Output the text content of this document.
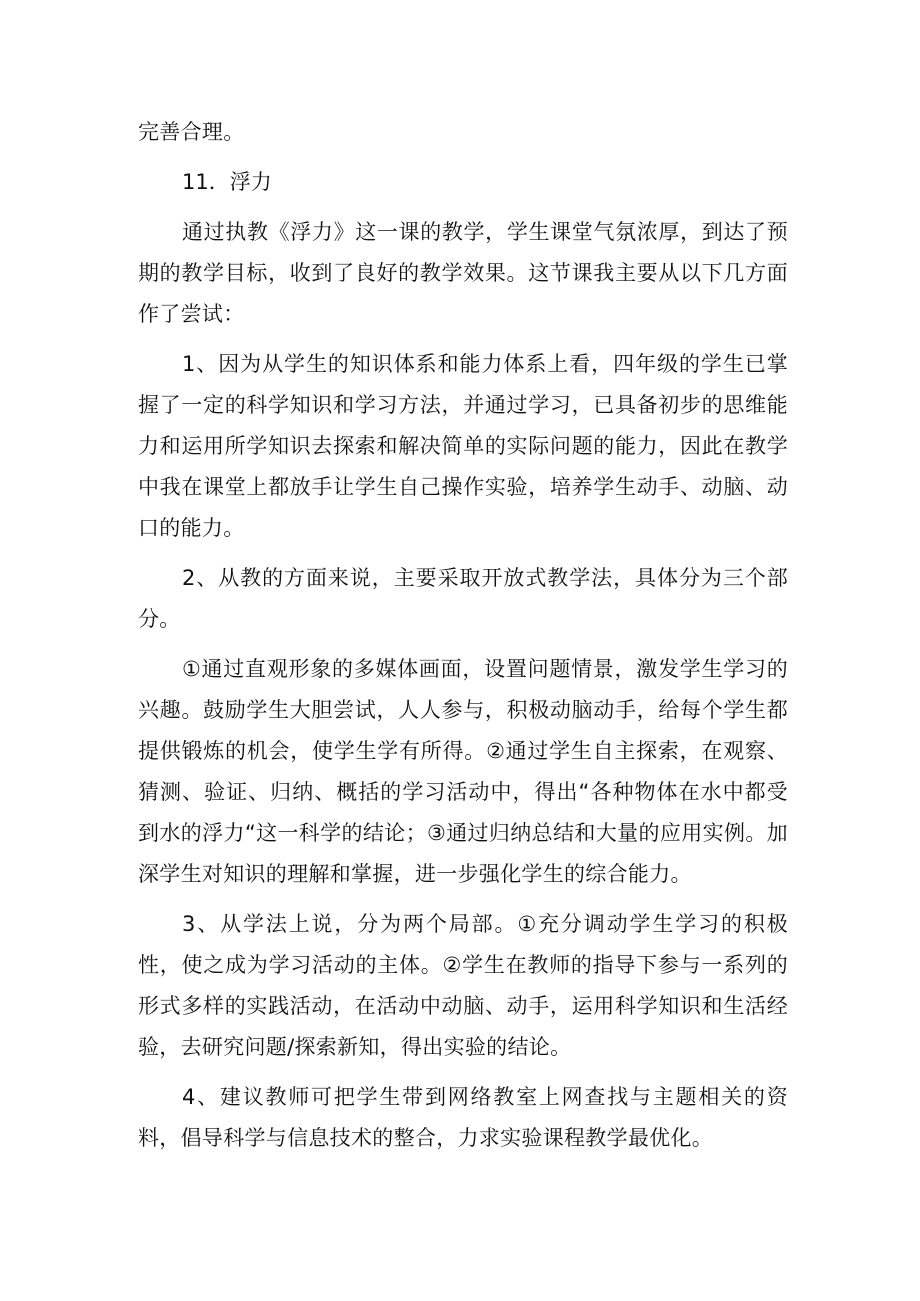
完善合理。

11．浮力

通过执教《浮力》这一课的教学，学生课堂气氛浓厚，到达了预期的教学目标，收到了良好的教学效果。这节课我主要从以下几方面作了尝试：

1、因为从学生的知识体系和能力体系上看，四年级的学生已掌握了一定的科学知识和学习方法，并通过学习，已具备初步的思维能力和运用所学知识去探索和解决简单的实际问题的能力，因此在教学中我在课堂上都放手让学生自己操作实验，培养学生动手、动脑、动口的能力。

2、从教的方面来说，主要采取开放式教学法，具体分为三个部分。

①通过直观形象的多媒体画面，设置问题情景，激发学生学习的兴趣。鼓励学生大胆尝试，人人参与，积极动脑动手，给每个学生都提供锻炼的机会，使学生学有所得。②通过学生自主探索，在观察、猜测、验证、归纳、概括的学习活动中，得出“各种物体在水中都受到水的浮力“这一科学的结论；③通过归纳总结和大量的应用实例。加深学生对知识的理解和掌握，进一步强化学生的综合能力。

3、从学法上说，分为两个局部。①充分调动学生学习的积极性，使之成为学习活动的主体。②学生在教师的指导下参与一系列的形式多样的实践活动，在活动中动脑、动手，运用科学知识和生活经验，去研究问题/探索新知，得出实验的结论。

4、建议教师可把学生带到网络教室上网查找与主题相关的资料，倡导科学与信息技术的整合，力求实验课程教学最优化。
